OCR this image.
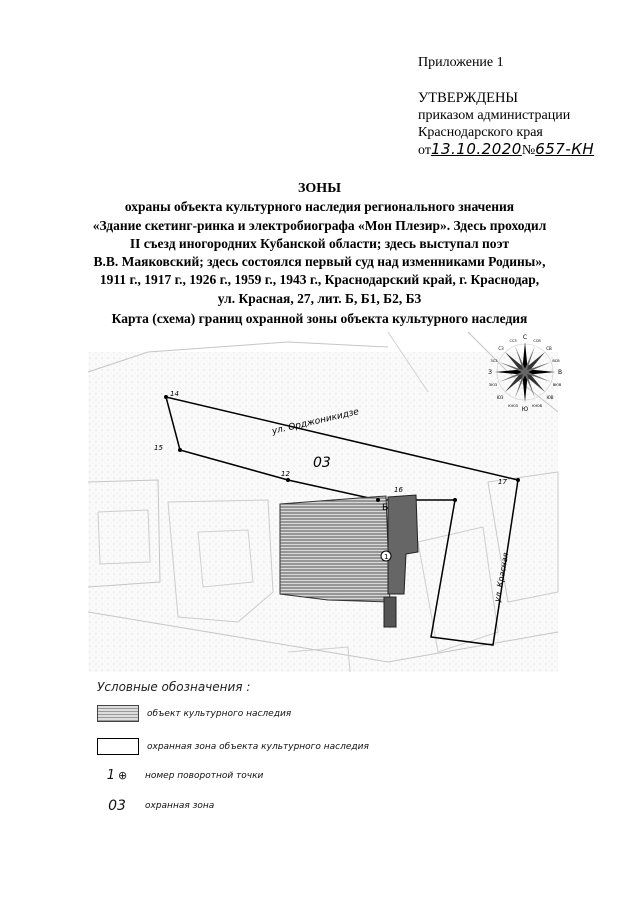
Приложение 1
УТВЕРЖДЕНЫ
приказом администрации
Краснодарского края
от13.10.2020№657-КН
ЗОНЫ
охраны объекта культурного наследия регионального значения
«Здание скетинг-ринка и электробиографа «Мон Плезир». Здесь проходил
II съезд иногородних Кубанской области; здесь выступал поэт
В.В. Маяковский; здесь состоялся первый суд над изменниками Родины»,
1911 г., 1917 г., 1926 г., 1959 г., 1943 г., Краснодарский край, г. Краснодар,
ул. Красная, 27, лит. Б, Б1, Б2, Б3
Карта (схема) границ охранной зоны объекта культурного наследия
ул. Орджоникидзе
ул. Красная
03
Б
1
12
14
15
16
17
С
Ю
В
З
СВ
СЗ
ЮВ
ЮЗ
ССВ
ССЗ
ВСВ
ЗСЗ
ВЮВ
ЗЮЗ
ЮЮВ
ЮЮЗ
Условные обозначения :
объект культурного наследия
охранная зона объекта культурного наследия
1 ⊕ номер поворотной точки
03	охранная зона
